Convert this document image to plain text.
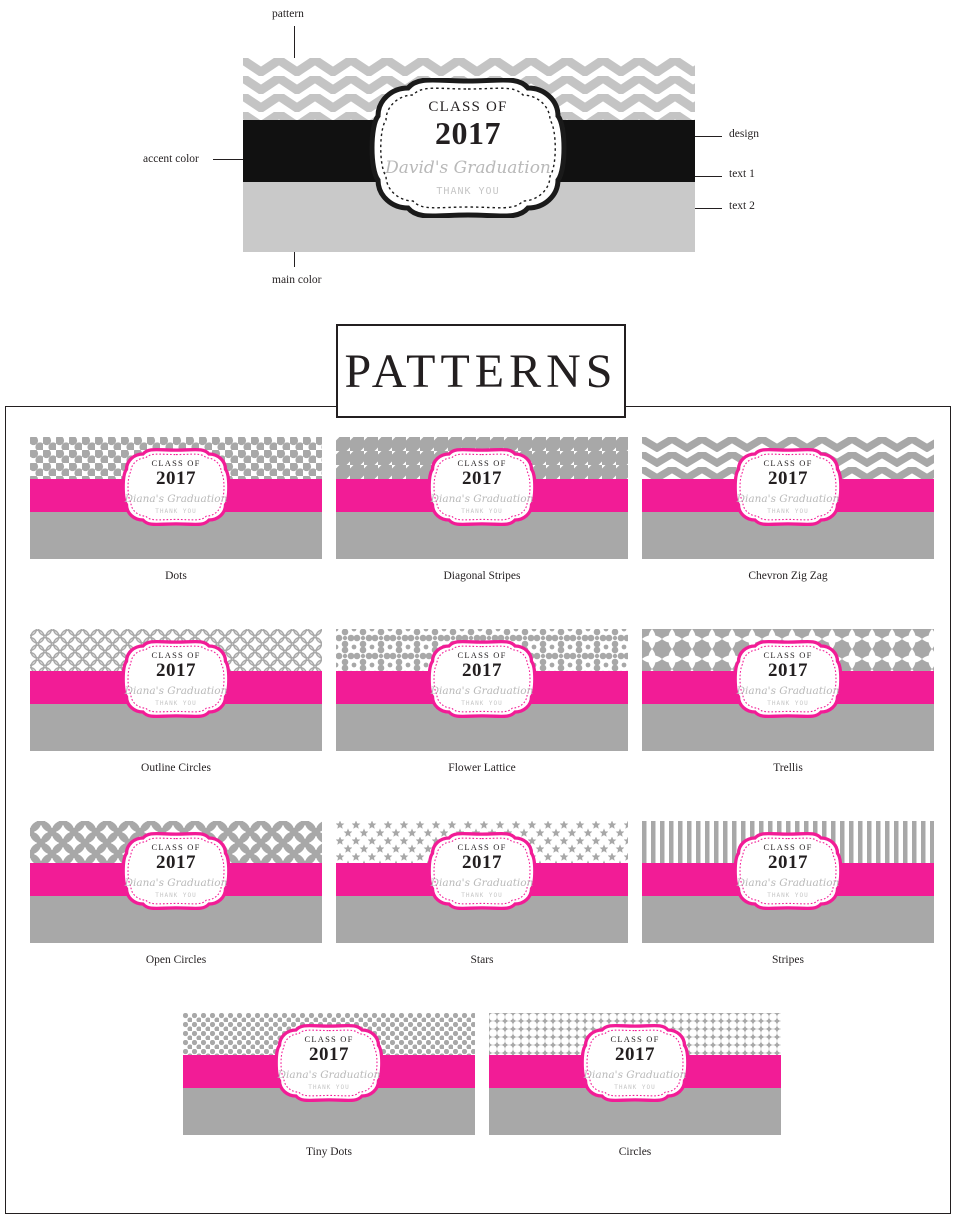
pattern
accent color
main color
design
text 1
text 2
CLASS OF
2017
David's Graduation
THANK YOU
PATTERNS
CLASS OF
2017
Diana's Graduation
THANK YOU
Dots
CLASS OF
2017
Diana's Graduation
THANK YOU
Diagonal Stripes
CLASS OF
2017
Diana's Graduation
THANK YOU
Chevron Zig Zag
CLASS OF
2017
Diana's Graduation
THANK YOU
Outline Circles
CLASS OF
2017
Diana's Graduation
THANK YOU
Flower Lattice
CLASS OF
2017
Diana's Graduation
THANK YOU
Trellis
CLASS OF
2017
Diana's Graduation
THANK YOU
Open Circles
CLASS OF
2017
Diana's Graduation
THANK YOU
Stars
CLASS OF
2017
Diana's Graduation
THANK YOU
Stripes
CLASS OF
2017
Diana's Graduation
THANK YOU
Tiny Dots
CLASS OF
2017
Diana's Graduation
THANK YOU
Circles
